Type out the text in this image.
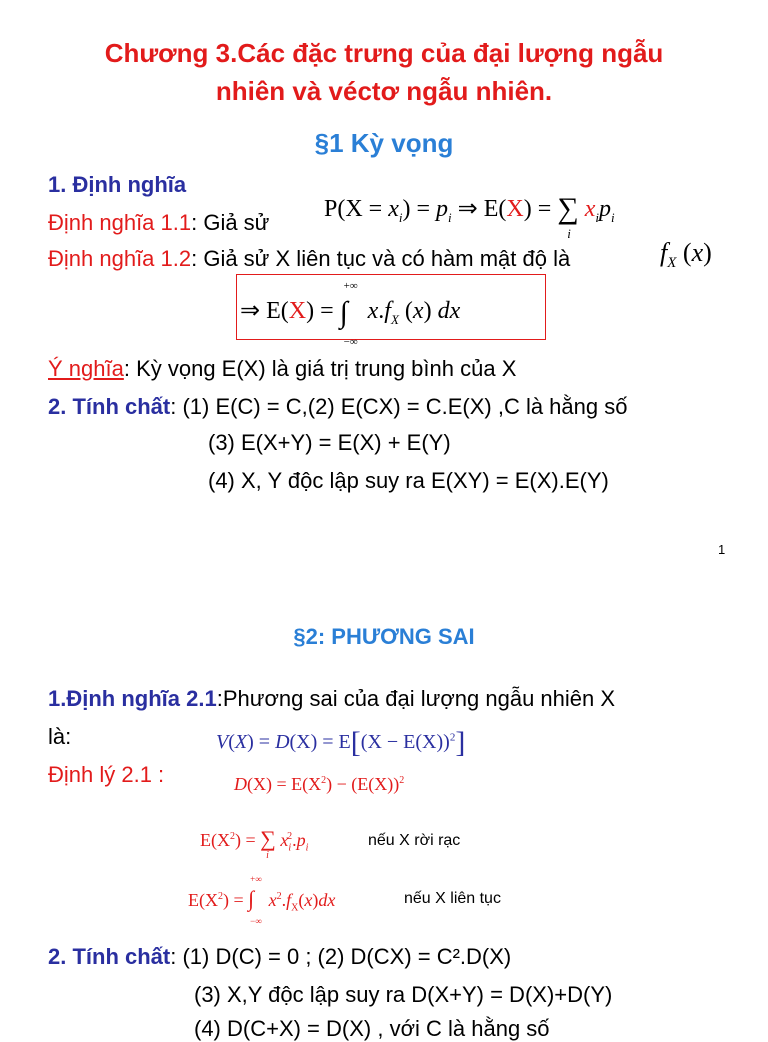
Chương 3.Các đặc trưng của đại lượng ngẫu
nhiên và véctơ ngẫu nhiên.
§1 Kỳ vọng
1. Định nghĩa
Định nghĩa 1.1: Giả sử
$P(X = x_i) = p_i$ ⇒ E(X) = ∑
i
$x_ip_i$
Định nghĩa 1.2: Giả sử X liên tục và có hàm mật độ là	$f_X$ (x)
⇒ E(X) = ∫
+∞
−∞
$x.f_X$ (x) dx
Ý nghĩa: Kỳ vọng E(X) là giá trị trung bình của X
2. Tính chất: (1) E(C) = C,(2) E(CX) = C.E(X) ,C là hằng số
(3) E(X+Y) = E(X) + E(Y)
(4) X, Y độc lập suy ra E(XY) = E(X).E(Y)
1
§2: PHƯƠNG SAI
1.Định nghĩa 2.1:Phương sai của đại lượng ngẫu nhiên X
là:	$V(X) = D(X) = E[(X - E(X))^2]$
Định lý 2.1 :	$D(X) = E(X^2) - (E(X))^2$
$E(X^2)$ = ∑
i
$x_i^2.p_i$	nếu X rời rạc
$E(X^2)$ = ∫
+∞
−∞
$x^2.f_X(x)dx$	nếu X liên tục
2. Tính chất: (1) D(C) = 0 ; (2) D(CX) = C².D(X)
(3) X,Y độc lập suy ra D(X+Y) = D(X)+D(Y)
(4) D(C+X) = D(X) , với C là hằng số
